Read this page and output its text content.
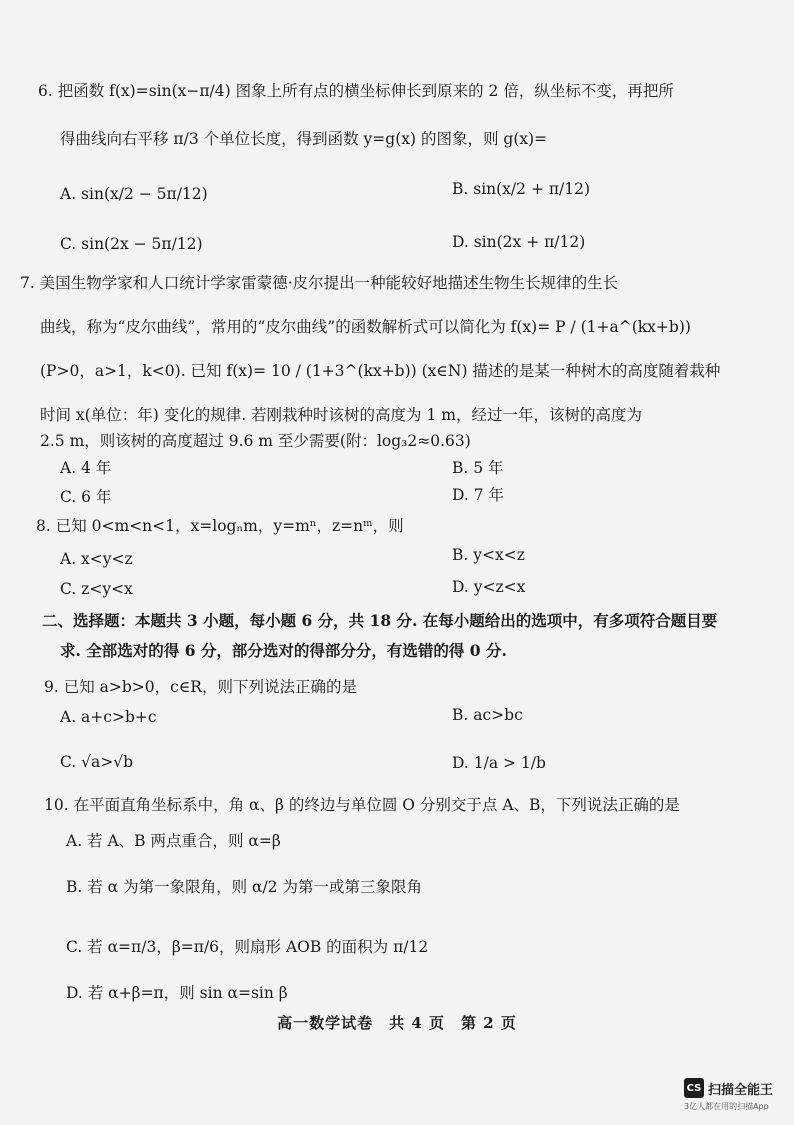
6. 把函数 f(x)=sin(x−π/4) 图象上所有点的横坐标伸长到原来的 2 倍，纵坐标不变，再把所
得曲线向右平移 π/3 个单位长度，得到函数 y=g(x) 的图象，则 g(x)=
A. sin(x/2 − 5π/12)	B. sin(x/2 + π/12)
C. sin(2x − 5π/12)	D. sin(2x + π/12)
7. 美国生物学家和人口统计学家雷蒙德·皮尔提出一种能较好地描述生物生长规律的生长
曲线，称为“皮尔曲线”，常用的“皮尔曲线”的函数解析式可以简化为 f(x)= P / (1+a^(kx+b))
(P>0，a>1，k<0). 已知 f(x)= 10 / (1+3^(kx+b)) (x∈N) 描述的是某一种树木的高度随着栽种
时间 x(单位：年) 变化的规律. 若刚栽种时该树的高度为 1 m，经过一年，该树的高度为
2.5 m，则该树的高度超过 9.6 m 至少需要(附：log₃2≈0.63)
A. 4 年	B. 5 年
C. 6 年	D. 7 年
8. 已知 0<m<n<1，x=logₙm，y=mⁿ，z=nᵐ，则
A. x<y<z	B. y<x<z
C. z<y<x	D. y<z<x
二、选择题：本题共 3 小题，每小题 6 分，共 18 分. 在每小题给出的选项中，有多项符合题目要
求. 全部选对的得 6 分，部分选对的得部分分，有选错的得 0 分.
9. 已知 a>b>0，c∈R，则下列说法正确的是
A. a+c>b+c	B. ac>bc
C. √a>√b	D. 1/a > 1/b
10. 在平面直角坐标系中，角 α、β 的终边与单位圆 O 分别交于点 A、B，下列说法正确的是
A. 若 A、B 两点重合，则 α=β
B. 若 α 为第一象限角，则 α/2 为第一或第三象限角
C. 若 α=π/3，β=π/6，则扇形 AOB 的面积为 π/12
D. 若 α+β=π，则 sin α=sin β
高一数学试卷　共 4 页　第 2 页
CS 扫描全能王
3亿人都在用的扫描App
